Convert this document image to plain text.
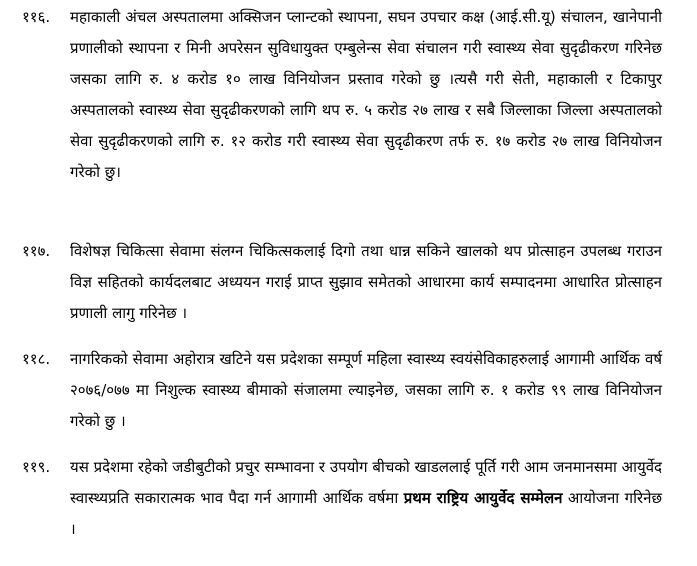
११६.	महाकाली अंचल अस्पतालमा अक्सिजन प्लान्टको स्थापना, सघन उपचार कक्ष (आई.सी.यू) संचालन, खानेपानी प्रणालीको स्थापना र मिनी अपरेसन सुविधायुक्त एम्बुलेन्स सेवा संचालन गरी स्वास्थ्य सेवा सुदृढीकरण गरिनेछ जसका लागि रु. ४ करोड १० लाख विनियोजन प्रस्ताव गरेको छु ।त्यसै गरी सेती, महाकाली र टिकापुर अस्पतालको स्वास्थ्य सेवा सुदृढीकरणको लागि थप रु. ५ करोड २७ लाख र सबै जिल्लाका जिल्ला अस्पतालको सेवा सुदृढीकरणको लागि रु. १२ करोड गरी स्वास्थ्य सेवा सुदृढीकरण तर्फ रु. १७ करोड २७ लाख विनियोजन गरेको छु।
११७.	विशेषज्ञ चिकित्सा सेवामा संलग्न चिकित्सकलाई दिगो तथा धान्न सकिने खालको थप प्रोत्साहन उपलब्ध गराउन विज्ञ सहितको कार्यदलबाट अध्ययन गराई प्राप्त सुझाव समेतको आधारमा कार्य सम्पादनमा आधारित प्रोत्साहन प्रणाली लागु गरिनेछ ।
११८.	नागरिकको सेवामा अहोरात्र खटिने यस प्रदेशका सम्पूर्ण महिला स्वास्थ्य स्वयंसेविकाहरुलाई आगामी आर्थिक वर्ष २०७६/०७७ मा निशुल्क स्वास्थ्य बीमाको संजालमा ल्याइनेछ, जसका लागि रु. १ करोड ९९ लाख विनियोजन गरेको छु ।
११९.	यस प्रदेशमा रहेको जडीबुटीको प्रचुर सम्भावना र उपयोग बीचको खाडललाई पूर्ति गरी आम जनमानसमा आयुर्वेद स्वास्थ्यप्रति सकारात्मक भाव पैदा गर्न आगामी आर्थिक वर्षमा प्रथम राष्ट्रिय आयुर्वेद सम्मेलन आयोजना गरिनेछ ।
